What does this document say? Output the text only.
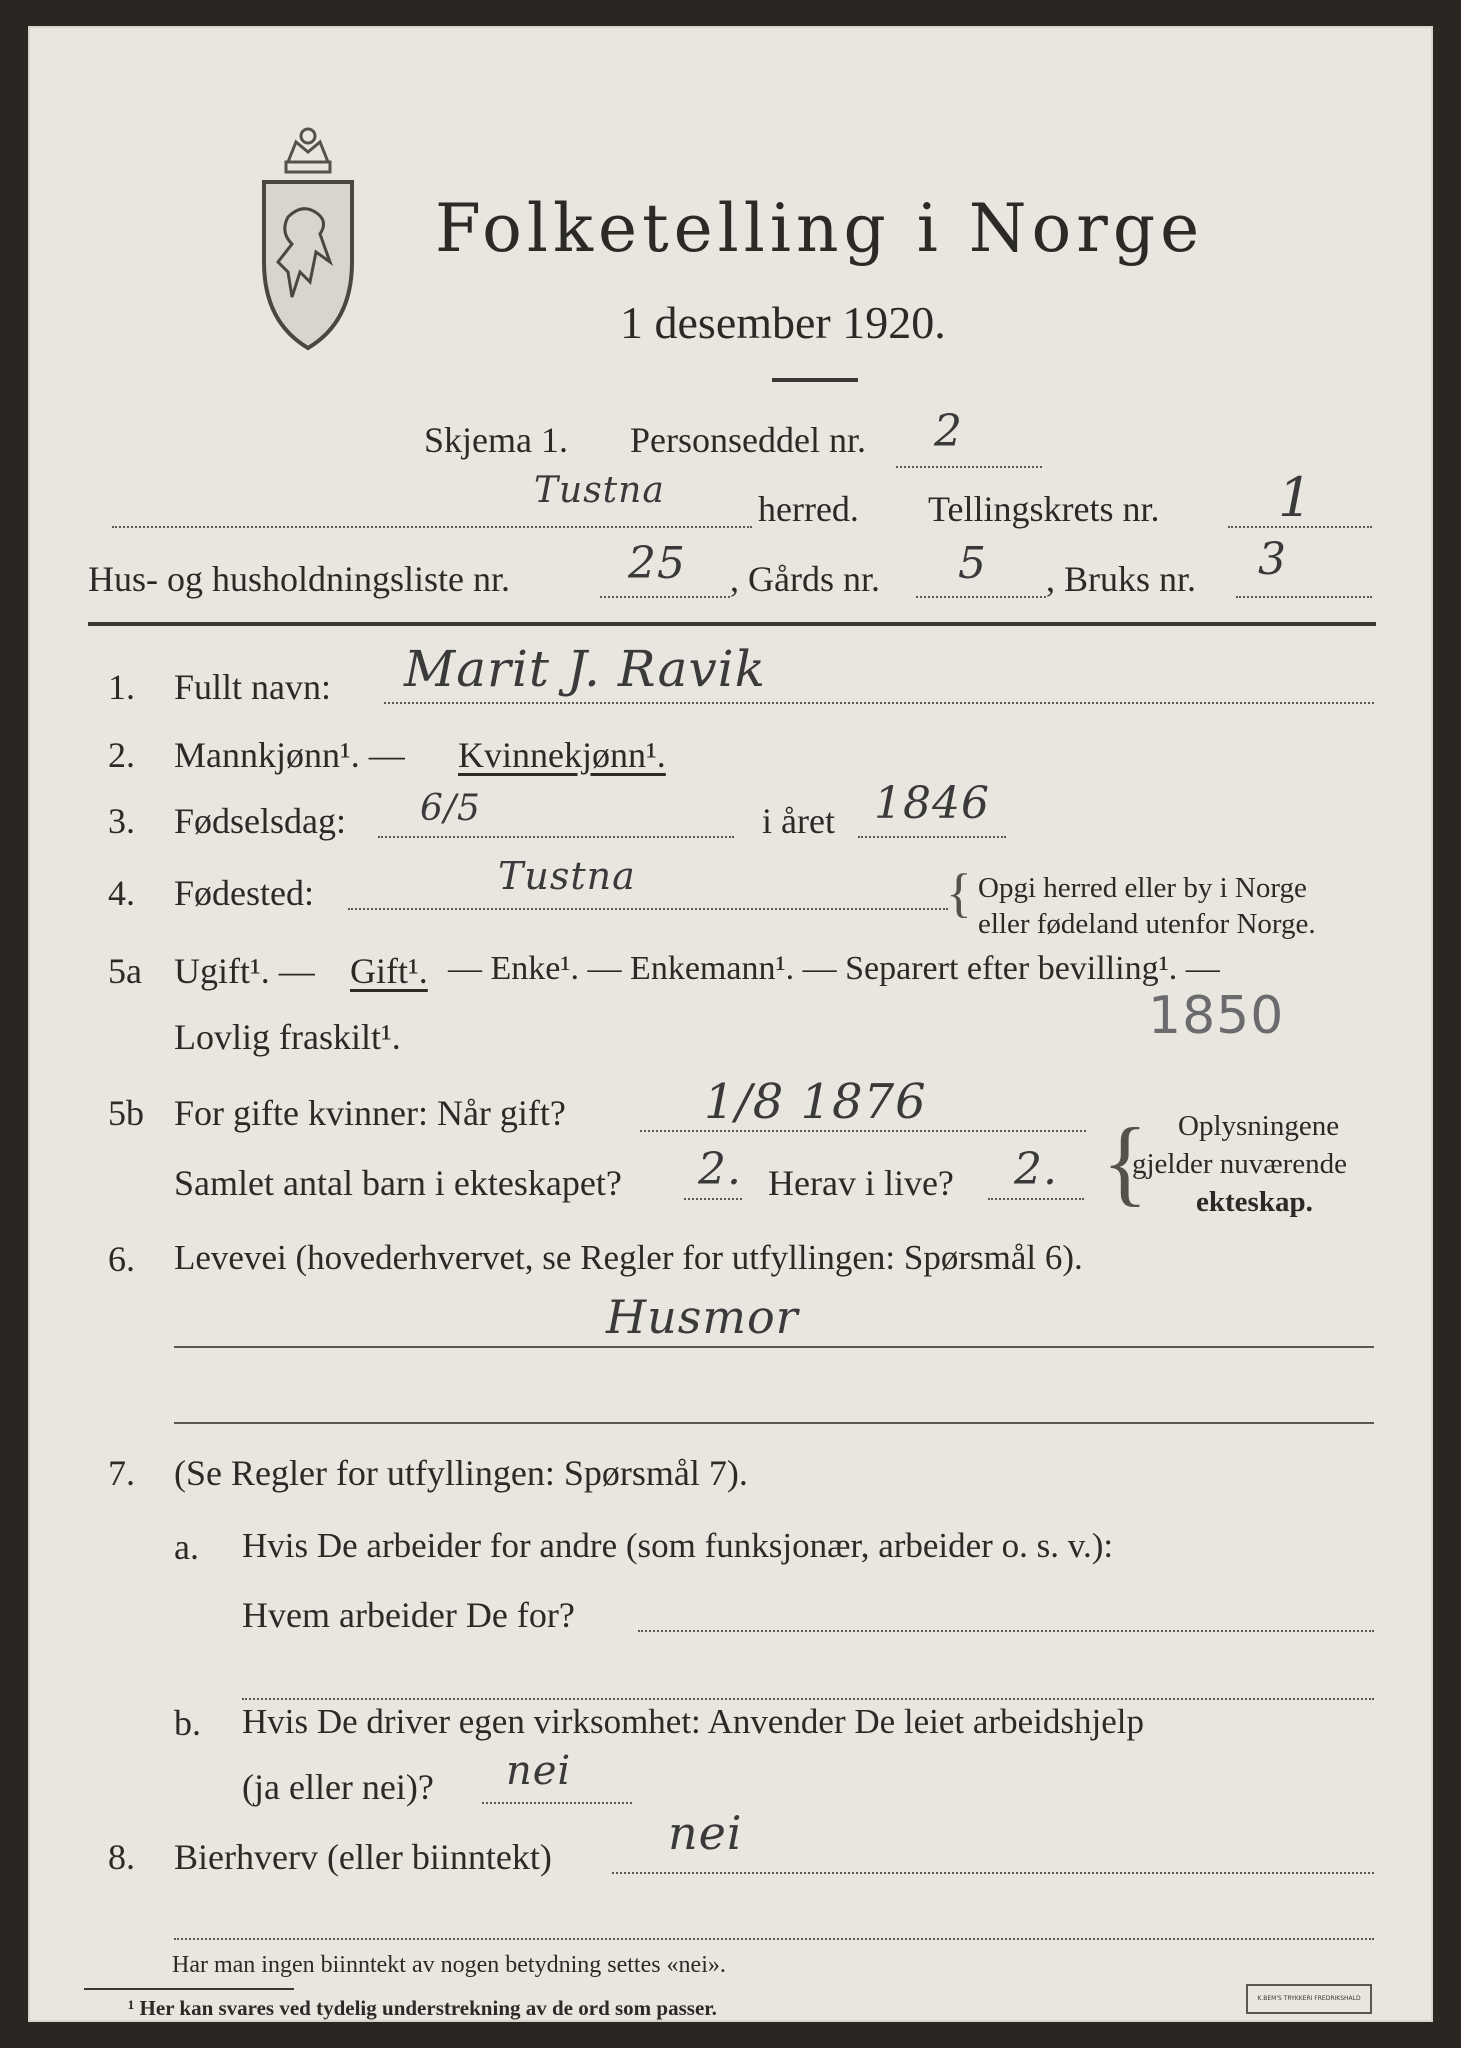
Folketelling i Norge
1 desember 1920.
Skjema 1. Personseddel nr. 2
Tustna	herred. Tellingskrets nr. 1
Hus- og husholdningsliste nr.	25 , Gårds nr. 5 , Bruks nr. 3
1. Fullt navn: Marit J. Ravik
2. Mannkjønn¹. — Kvinnekjønn¹.
3. Fødselsdag: 6/5	i året 1846
4. Fødested:	Tustna	{ Opgi herred eller by i Norge
eller fødeland utenfor Norge.
5a Ugift¹. — Gift¹. — Enke¹. — Enkemann¹. — Separert efter bevilling¹. —
Lovlig fraskilt¹.	1850
5b For gifte kvinner: Når gift?	1/8 1876
Samlet antal barn i ekteskapet? 2. Herav i live? 2. { Oplysningene
gjelder nuværende
ekteskap.
6. Levevei (hovederhvervet, se Regler for utfyllingen: Spørsmål 6).
Husmor
7. (Se Regler for utfyllingen: Spørsmål 7).
a. Hvis De arbeider for andre (som funksjonær, arbeider o. s. v.):
Hvem arbeider De for?
b. Hvis De driver egen virksomhet: Anvender De leiet arbeidshjelp
(ja eller nei)? nei
8. Bierhverv (eller biinntekt)	nei
Har man ingen biinntekt av nogen betydning settes «nei».
¹ Her kan svares ved tydelig understrekning av de ord som passer.	K.BEM'S TRYKKERI FREDRIKSHALD
